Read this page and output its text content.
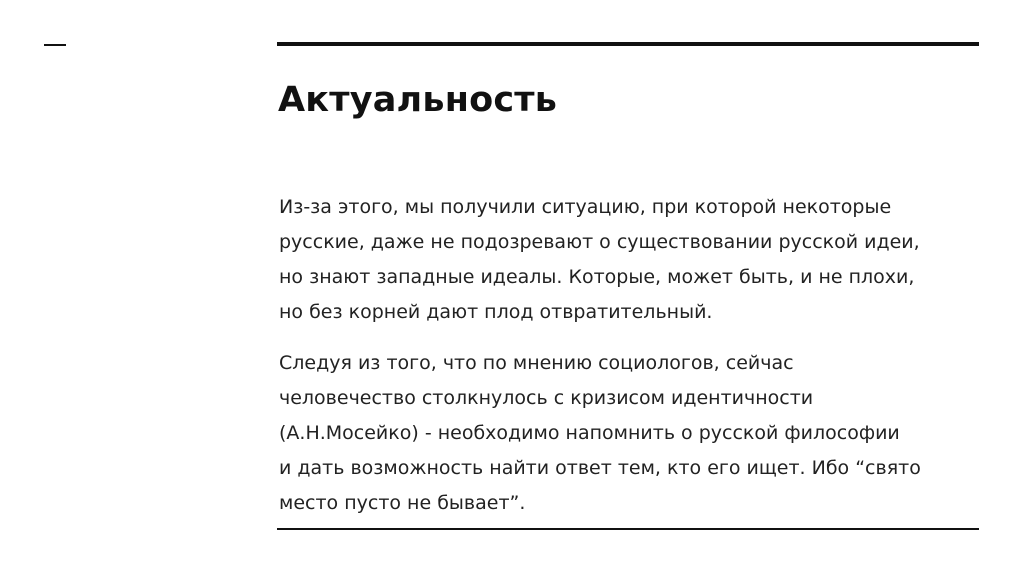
Актуальность

Из-за этого, мы получили ситуацию, при которой некоторые
русские, даже не подозревают о существовании русской идеи,
но знают западные идеалы. Которые, может быть, и не плохи,
но без корней дают плод отвратительный.

Следуя из того, что по мнению социологов, сейчас
человечество столкнулось с кризисом идентичности
(А.Н.Мосейко) - необходимо напомнить о русской философии
и дать возможность найти ответ тем, кто его ищет. Ибо “свято
место пусто не бывает”.
